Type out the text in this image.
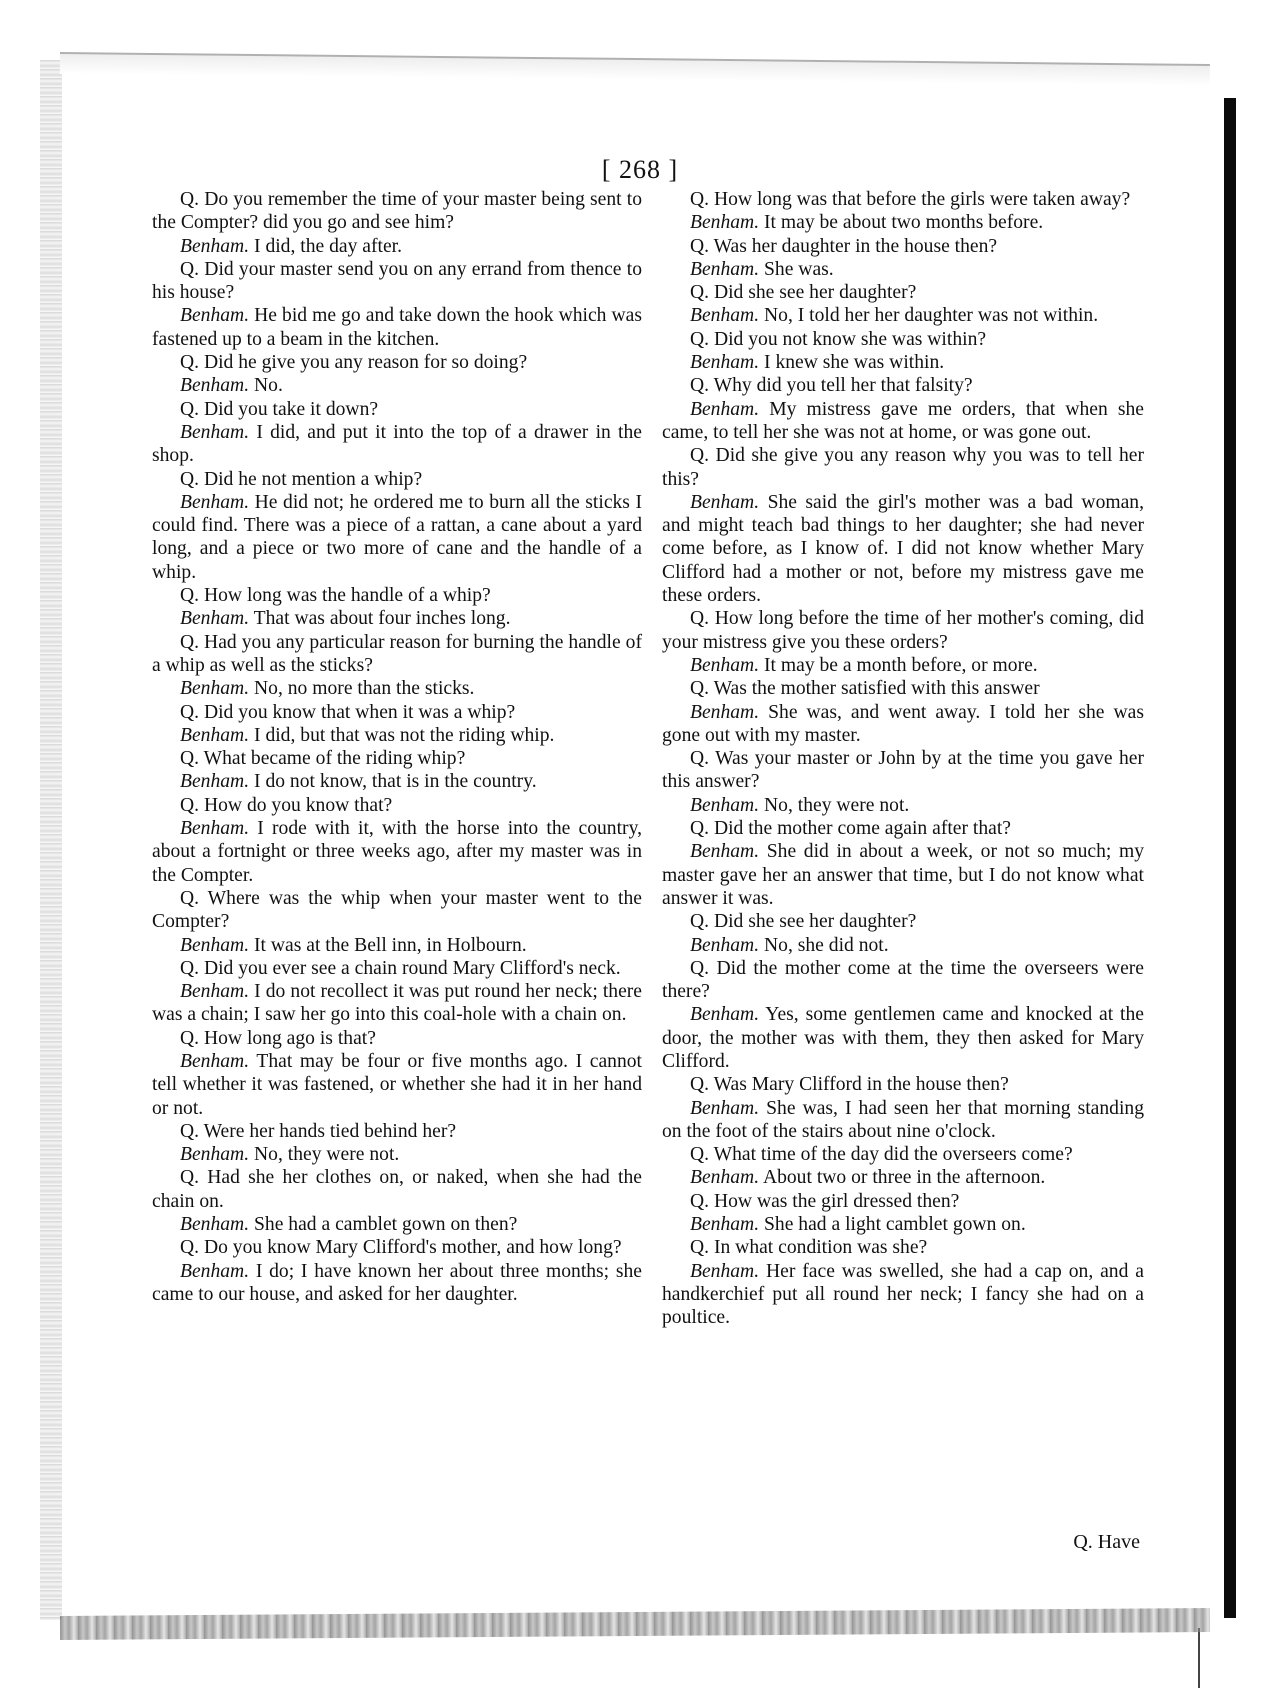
[ 268 ]

Q. Do you remember the time of your master being sent to the Compter? did you go and see him?

Benham. I did, the day after.

Q. Did your master send you on any errand from thence to his house?

Benham. He bid me go and take down the hook which was fastened up to a beam in the kitchen.

Q. Did he give you any reason for so doing?

Benham. No.

Q. Did you take it down?

Benham. I did, and put it into the top of a drawer in the shop.

Q. Did he not mention a whip?

Benham. He did not; he ordered me to burn all the sticks I could find. There was a piece of a rattan, a cane about a yard long, and a piece or two more of cane and the handle of a whip.

Q. How long was the handle of a whip?

Benham. That was about four inches long.

Q. Had you any particular reason for burning the handle of a whip as well as the sticks?

Benham. No, no more than the sticks.

Q. Did you know that when it was a whip?

Benham. I did, but that was not the riding whip.

Q. What became of the riding whip?

Benham. I do not know, that is in the country.

Q. How do you know that?

Benham. I rode with it, with the horse into the country, about a fortnight or three weeks ago, after my master was in the Compter.

Q. Where was the whip when your master went to the Compter?

Benham. It was at the Bell inn, in Holbourn.

Q. Did you ever see a chain round Mary Clifford's neck.

Benham. I do not recollect it was put round her neck; there was a chain; I saw her go into this coal-hole with a chain on.

Q. How long ago is that?

Benham. That may be four or five months ago. I cannot tell whether it was fastened, or whether she had it in her hand or not.

Q. Were her hands tied behind her?

Benham. No, they were not.

Q. Had she her clothes on, or naked, when she had the chain on.

Benham. She had a camblet gown on then?

Q. Do you know Mary Clifford's mother, and how long?

Benham. I do; I have known her about three months; she came to our house, and asked for her daughter.

Q. How long was that before the girls were taken away?

Benham. It may be about two months before.

Q. Was her daughter in the house then?

Benham. She was.

Q. Did she see her daughter?

Benham. No, I told her her daughter was not within.

Q. Did you not know she was within?

Benham. I knew she was within.

Q. Why did you tell her that falsity?

Benham. My mistress gave me orders, that when she came, to tell her she was not at home, or was gone out.

Q. Did she give you any reason why you was to tell her this?

Benham. She said the girl's mother was a bad woman, and might teach bad things to her daughter; she had never come before, as I know of. I did not know whether Mary Clifford had a mother or not, before my mistress gave me these orders.

Q. How long before the time of her mother's coming, did your mistress give you these orders?

Benham. It may be a month before, or more.

Q. Was the mother satisfied with this answer

Benham. She was, and went away. I told her she was gone out with my master.

Q. Was your master or John by at the time you gave her this answer?

Benham. No, they were not.

Q. Did the mother come again after that?

Benham. She did in about a week, or not so much; my master gave her an answer that time, but I do not know what answer it was.

Q. Did she see her daughter?

Benham. No, she did not.

Q. Did the mother come at the time the overseers were there?

Benham. Yes, some gentlemen came and knocked at the door, the mother was with them, they then asked for Mary Clifford.

Q. Was Mary Clifford in the house then?

Benham. She was, I had seen her that morning standing on the foot of the stairs about nine o'clock.

Q. What time of the day did the overseers come?

Benham. About two or three in the afternoon.

Q. How was the girl dressed then?

Benham. She had a light camblet gown on.

Q. In what condition was she?

Benham. Her face was swelled, she had a cap on, and a handkerchief put all round her neck; I fancy she had on a poultice.

Q. Have
